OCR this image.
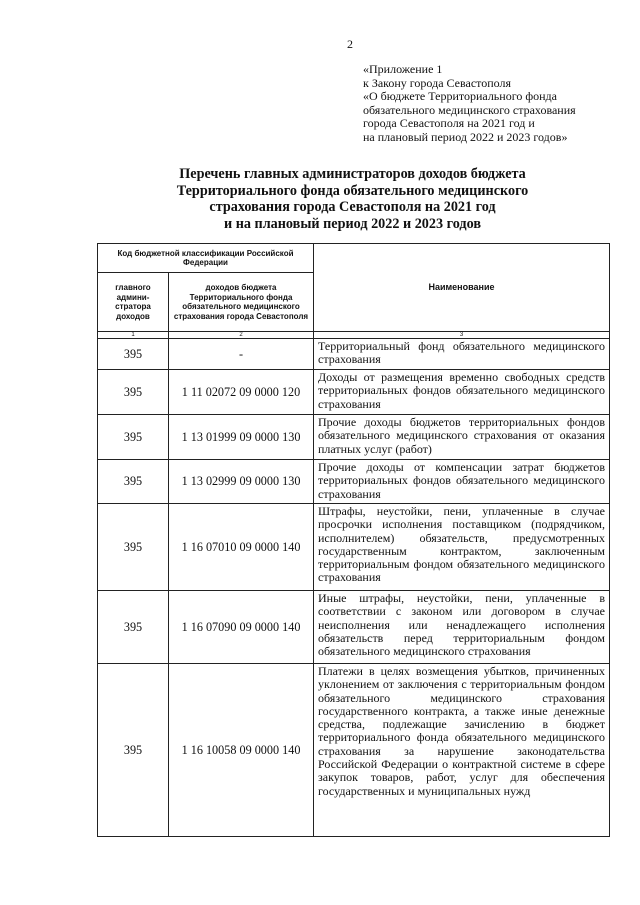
2
«Приложение 1
к Закону города Севастополя
«О бюджете Территориального фонда
обязательного медицинского страхования
города Севастополя на 2021 год и
на плановый период 2022 и 2023 годов»
Перечень главных администраторов доходов бюджета
Территориального фонда обязательного медицинского
страхования города Севастополя на 2021 год
и на плановый период 2022 и 2023 годов
Код бюджетной классификации Российской Федерации		Наименование
главного админи-стратора доходов	доходов бюджета Территориального фонда обязательного медицинского страхования города Севастополя	
1	2	3
395	-	Территориальный фонд обязательного медицинского страхования
395	1 11 02072 09 0000 120	Доходы от размещения временно свободных средств территориальных фондов обязательного медицинского страхования
395	1 13 01999 09 0000 130	Прочие доходы бюджетов территориальных фондов обязательного медицинского страхования от оказания платных услуг (работ)
395	1 13 02999 09 0000 130	Прочие доходы от компенсации затрат бюджетов территориальных фондов обязательного медицинского страхования
395	1 16 07010 09 0000 140	Штрафы, неустойки, пени, уплаченные в случае просрочки исполнения поставщиком (подрядчиком, исполнителем) обязательств, предусмотренных государственным контрактом, заключенным территориальным фондом обязательного медицинского страхования
395	1 16 07090 09 0000 140	Иные штрафы, неустойки, пени, уплаченные в соответствии с законом или договором в случае неисполнения или ненадлежащего исполнения обязательств перед территориальным фондом обязательного медицинского страхования
395	1 16 10058 09 0000 140	Платежи в целях возмещения убытков, причиненных уклонением от заключения с территориальным фондом обязательного медицинского страхования государственного контракта, а также иные денежные средства, подлежащие зачислению в бюджет территориального фонда обязательного медицинского страхования за нарушение законодательства Российской Федерации о контрактной системе в сфере закупок товаров, работ, услуг для обеспечения государственных и муниципальных нужд
